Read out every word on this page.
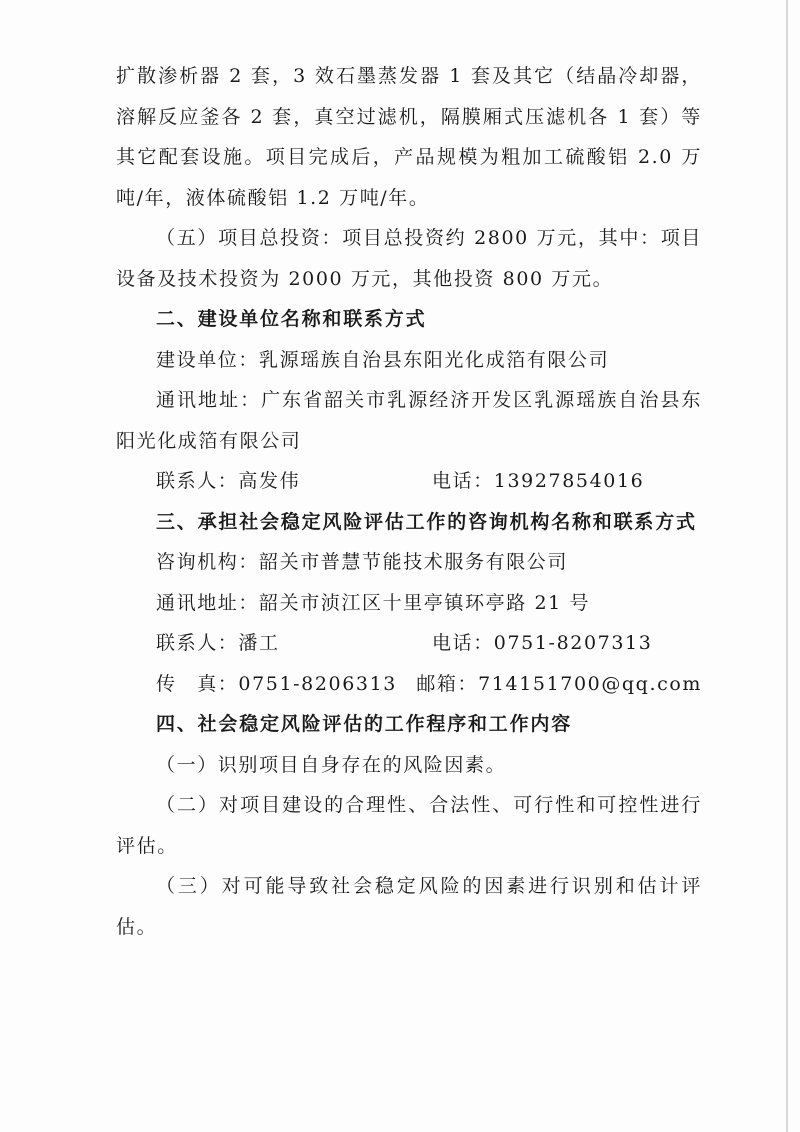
扩散渗析器 2 套，3 效石墨蒸发器 1 套及其它（结晶冷却器，溶解反应釜各 2 套，真空过滤机，隔膜厢式压滤机各 1 套）等其它配套设施。项目完成后，产品规模为粗加工硫酸铝 2.0 万吨/年，液体硫酸铝 1.2 万吨/年。

（五）项目总投资：项目总投资约 2800 万元，其中：项目设备及技术投资为 2000 万元，其他投资 800 万元。

二、建设单位名称和联系方式

建设单位：乳源瑶族自治县东阳光化成箔有限公司

通讯地址：广东省韶关市乳源经济开发区乳源瑶族自治县东阳光化成箔有限公司

联系人：高发伟	电话：13927854016

三、承担社会稳定风险评估工作的咨询机构名称和联系方式

咨询机构：韶关市普慧节能技术服务有限公司

通讯地址：韶关市浈江区十里亭镇环亭路 21 号

联系人：潘工	电话：0751-8207313
传　真：0751-8206313	邮箱：714151700@qq.com

四、社会稳定风险评估的工作程序和工作内容

（一）识别项目自身存在的风险因素。

（二）对项目建设的合理性、合法性、可行性和可控性进行评估。

（三）对可能导致社会稳定风险的因素进行识别和估计评估。
